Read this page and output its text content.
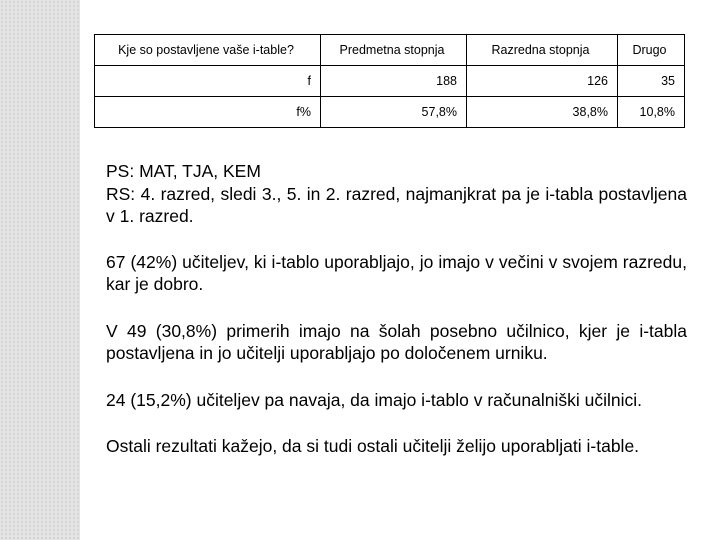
Kje so postavljene vaše i-table?	Predmetna stopnja	Razredna stopnja	Drugo
f	188	126	35
f%	57,8%	38,8%	10,8%

PS: MAT, TJA, KEM

RS: 4. razred, sledi 3., 5. in 2. razred, najmanjkrat pa je i-tabla postavljena v 1. razred.

67 (42%) učiteljev, ki i-tablo uporabljajo, jo imajo v večini v svojem razredu, kar je dobro.

V 49 (30,8%) primerih imajo na šolah posebno učilnico, kjer je i-tabla postavljena in jo učitelji uporabljajo po določenem urniku.

24 (15,2%) učiteljev pa navaja, da imajo i-tablo v računalniški učilnici.

Ostali rezultati kažejo, da si tudi ostali učitelji želijo uporabljati i-table.
